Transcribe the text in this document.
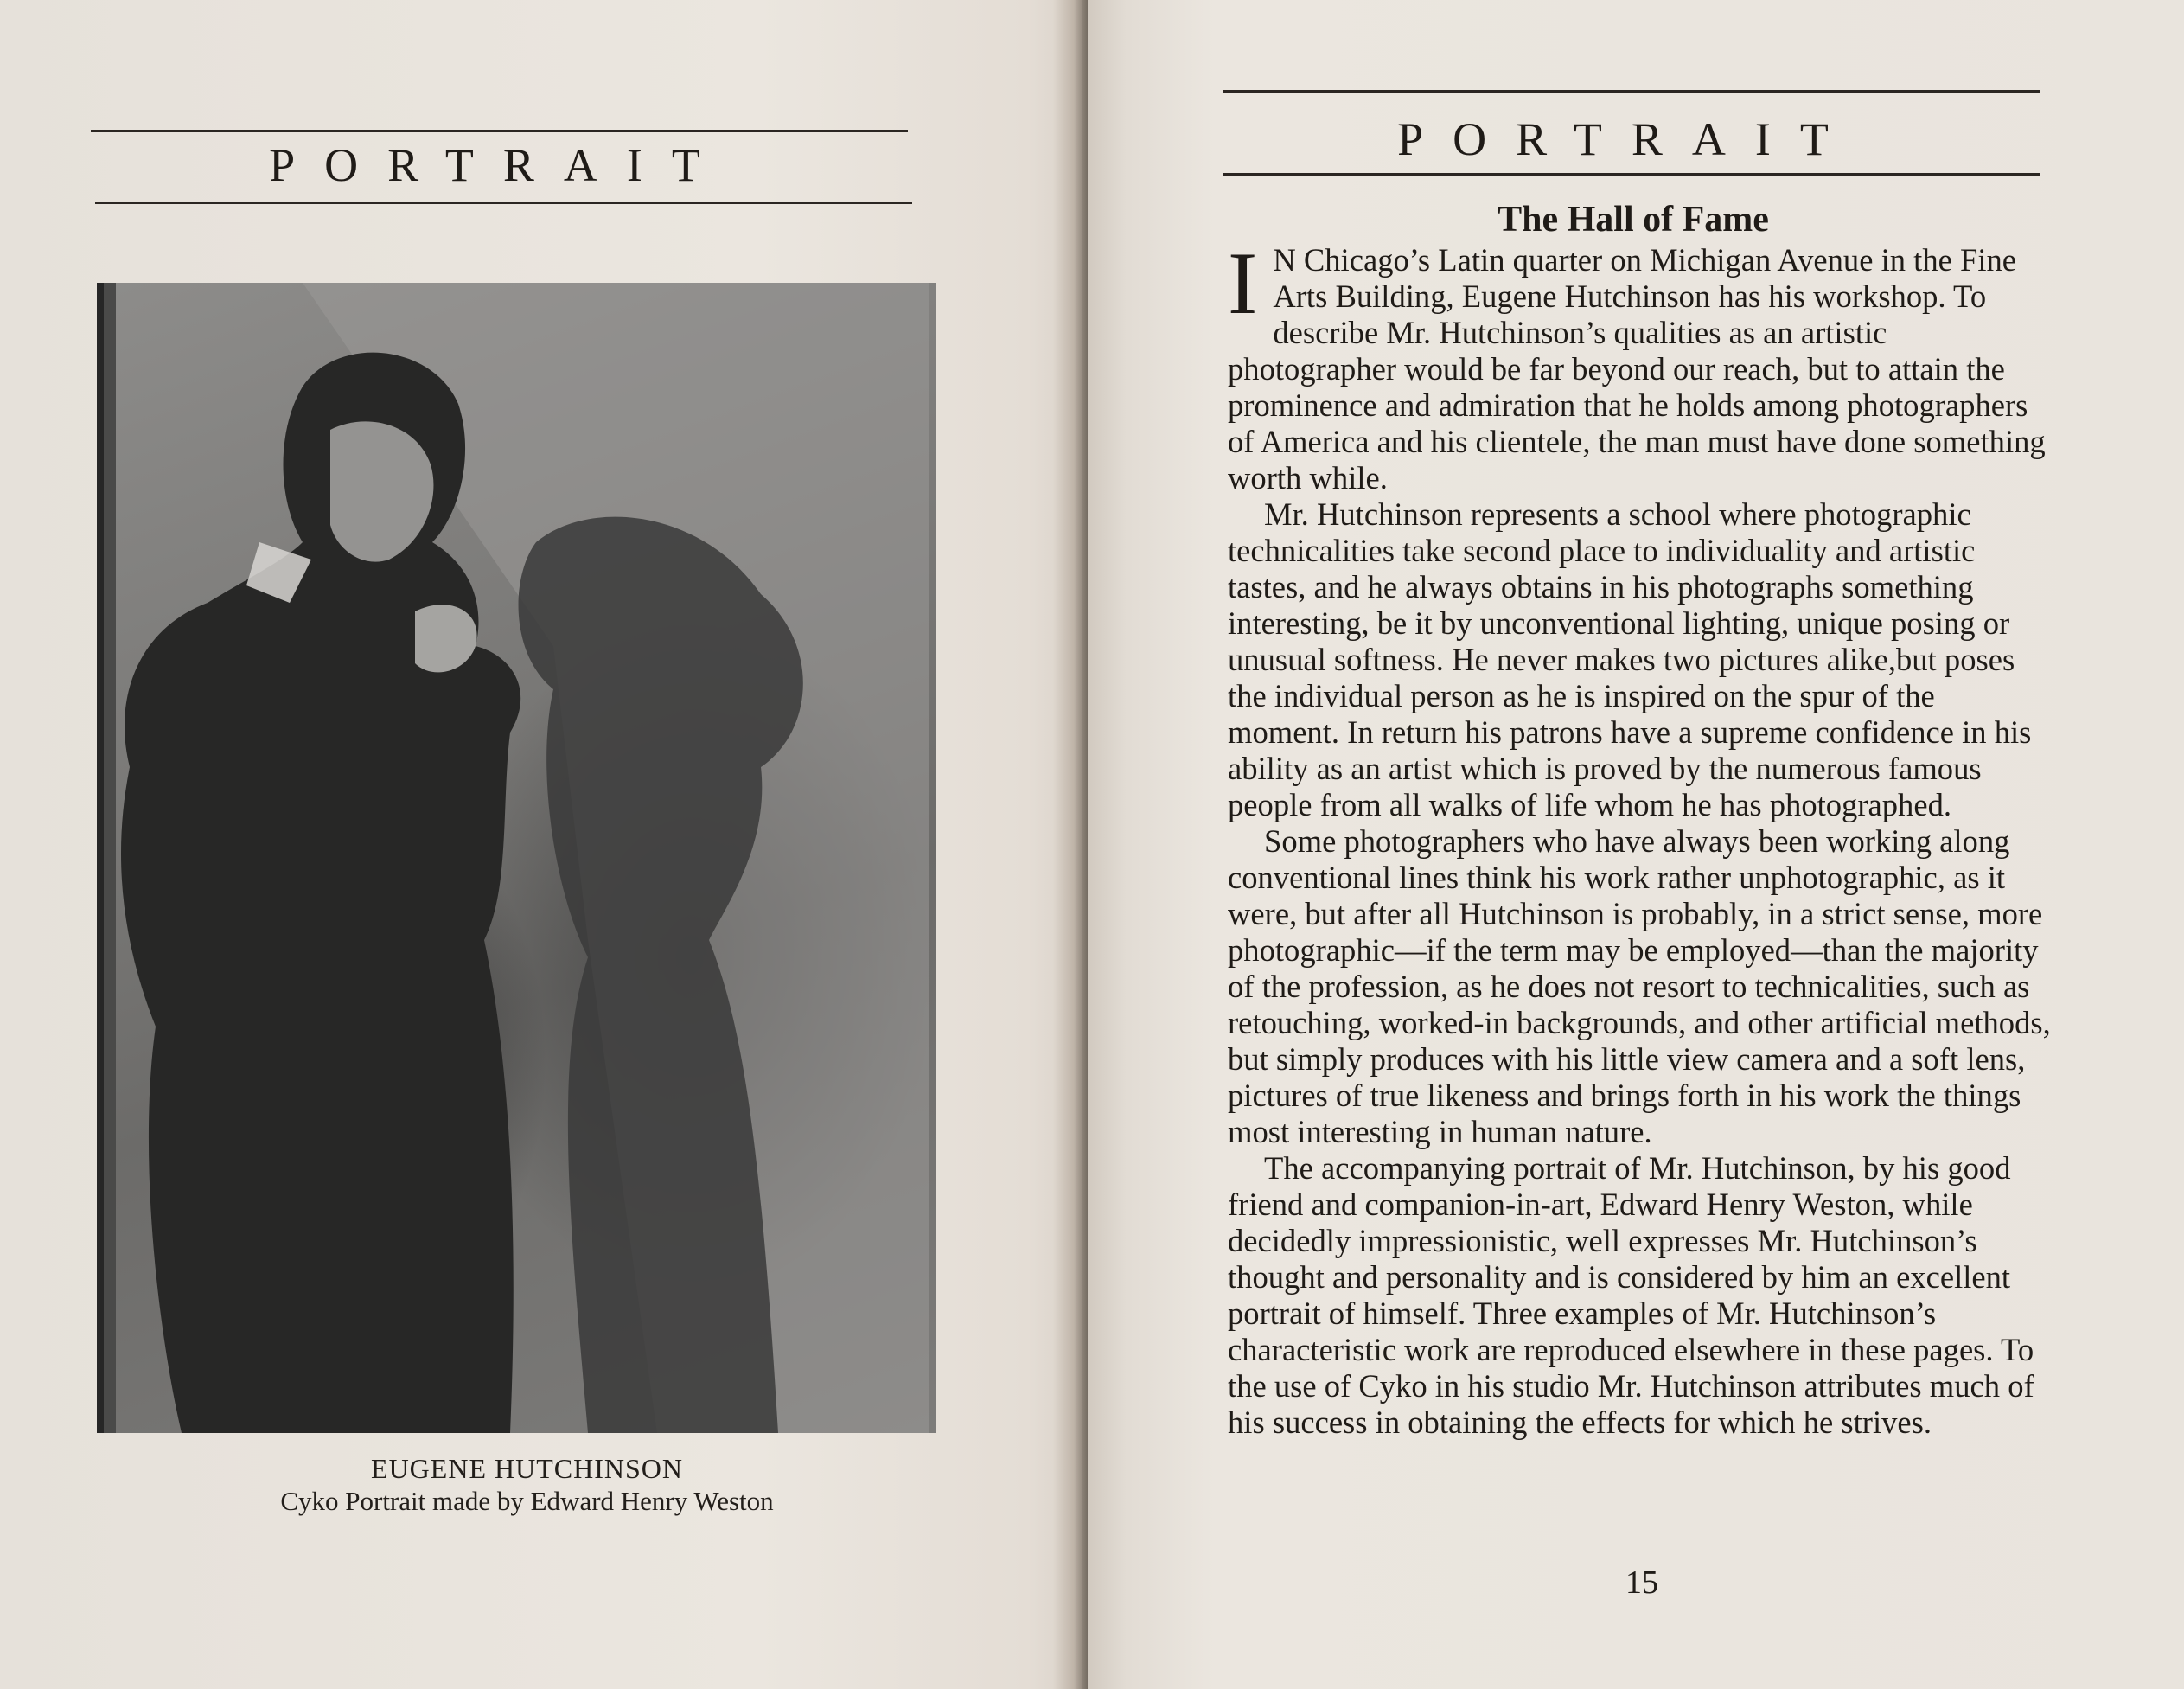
PORTRAIT
EUGENE HUTCHINSON
Cyko Portrait made by Edward Henry Weston
PORTRAIT
The Hall of Fame

I N Chicago’s Latin quarter on Michigan Avenue in the Fine Arts Building, Eugene Hutchinson has his workshop. To describe Mr. Hutchinson’s qualities as an artistic photographer would be far beyond our reach, but to attain the prominence and admiration that he holds among photographers of America and his clientele, the man must have done something worth while.

Mr. Hutchinson represents a school where photographic technicalities take second place to individuality and artistic tastes, and he always obtains in his photographs something interesting, be it by unconventional lighting, unique posing or unusual softness. He never makes two pictures alike,but poses the individual person as he is inspired on the spur of the moment. In return his patrons have a supreme confidence in his ability as an artist which is proved by the numerous famous people from all walks of life whom he has photographed.

Some photographers who have always been working along conventional lines think his work rather unphotographic, as it were, but after all Hutchinson is probably, in a strict sense, more photographic—if the term may be employed—than the majority of the profession, as he does not resort to technicalities, such as retouching, worked-in backgrounds, and other artificial methods, but simply produces with his little view camera and a soft lens, pictures of true likeness and brings forth in his work the things most interesting in human nature.

The accompanying portrait of Mr. Hutchinson, by his good friend and companion-in-art, Edward Henry Weston, while decidedly impressionistic, well expresses Mr. Hutchinson’s thought and personality and is considered by him an excellent portrait of himself. Three examples of Mr. Hutchinson’s characteristic work are reproduced elsewhere in these pages. To the use of Cyko in his studio Mr. Hutchinson attributes much of his success in obtaining the effects for which he strives.

15
